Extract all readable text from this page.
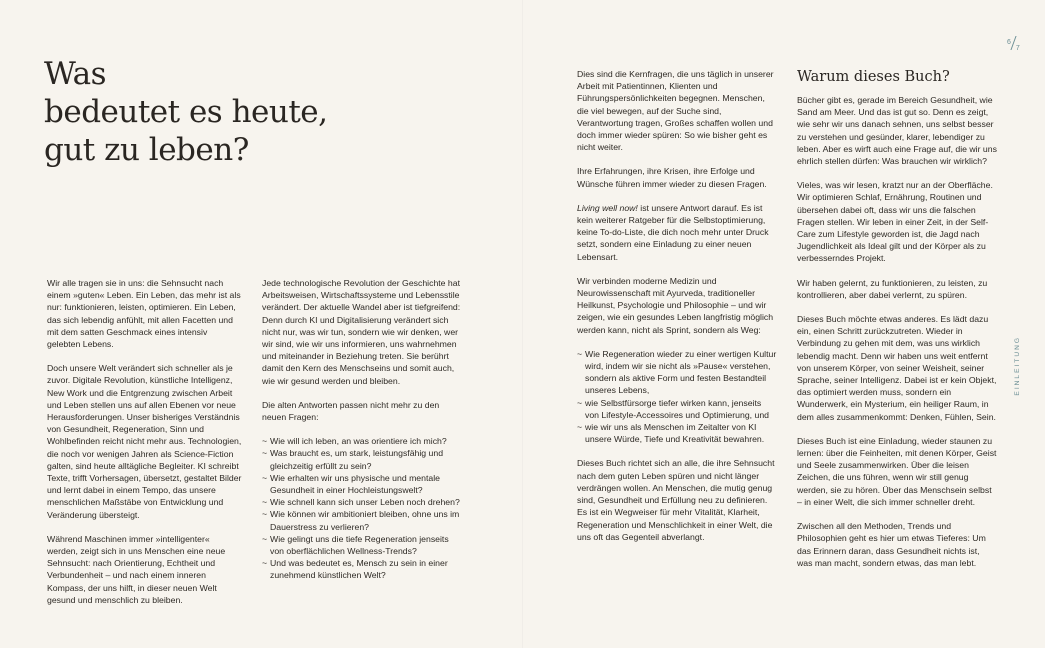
Was
bedeutet es heute,
gut zu leben?

Wir alle tragen sie in uns: die Sehnsucht nach einem »guten« Leben. Ein Leben, das mehr ist als nur: funktionieren, leisten, optimieren. Ein Leben, das sich lebendig anfühlt, mit allen Facetten und mit dem satten Geschmack eines intensiv gelebten Lebens.

Doch unsere Welt verändert sich schneller als je zuvor. Digitale Revolution, künstliche Intelligenz, New Work und die Entgrenzung zwischen Arbeit und Leben stellen uns auf allen Ebenen vor neue Herausforderungen. Unser bisheriges Verständnis von Gesundheit, Regeneration, Sinn und Wohlbefinden reicht nicht mehr aus. Technologien, die noch vor wenigen Jahren als Science-Fiction galten, sind heute alltägliche Begleiter. KI schreibt Texte, trifft Vorhersagen, übersetzt, gestaltet Bilder und lernt dabei in einem Tempo, das unsere menschlichen Maßstäbe von Entwicklung und Veränderung übersteigt.

Während Maschinen immer »intelligenter« werden, zeigt sich in uns Menschen eine neue Sehnsucht: nach Orientierung, Echtheit und Verbundenheit – und nach einem inneren Kompass, der uns hilft, in dieser neuen Welt gesund und menschlich zu bleiben.

Jede technologische Revolution der Geschichte hat Arbeitsweisen, Wirtschaftssysteme und Lebensstile verändert. Der aktuelle Wandel aber ist tiefgreifend: Denn durch KI und Digitalisierung verändert sich nicht nur, was wir tun, sondern wie wir denken, wer wir sind, wie wir uns informieren, uns wahrnehmen und miteinander in Beziehung treten. Sie berührt damit den Kern des Menschseins und somit auch, wie wir gesund werden und bleiben.

Die alten Antworten passen nicht mehr zu den neuen Fragen:

~ Wie will ich leben, an was orientiere ich mich?
~ Was braucht es, um stark, leistungsfähig und gleichzeitig erfüllt zu sein?
~ Wie erhalten wir uns physische und mentale Gesundheit in einer Hochleistungswelt?
~ Wie schnell kann sich unser Leben noch drehen?
~ Wie können wir ambitioniert bleiben, ohne uns im Dauerstress zu verlieren?
~ Wie gelingt uns die tiefe Regeneration jenseits von oberflächlichen Wellness-Trends?
~ Und was bedeutet es, Mensch zu sein in einer zunehmend künstlichen Welt?

Dies sind die Kernfragen, die uns täglich in unserer Arbeit mit Patientinnen, Klienten und Führungspersönlichkeiten begegnen. Menschen, die viel bewegen, auf der Suche sind, Verantwortung tragen, Großes schaffen wollen und doch immer wieder spüren: So wie bisher geht es nicht weiter.

Ihre Erfahrungen, ihre Krisen, ihre Erfolge und Wünsche führen immer wieder zu diesen Fragen.

Living well now! ist unsere Antwort darauf. Es ist kein weiterer Ratgeber für die Selbstoptimierung, keine To-do-Liste, die dich noch mehr unter Druck setzt, sondern eine Einladung zu einer neuen Lebensart.

Wir verbinden moderne Medizin und Neurowissenschaft mit Ayurveda, traditioneller Heilkunst, Psychologie und Philosophie – und wir zeigen, wie ein gesundes Leben langfristig möglich werden kann, nicht als Sprint, sondern als Weg:

~ Wie Regeneration wieder zu einer wertigen Kultur wird, indem wir sie nicht als »Pause« verstehen, sondern als aktive Form und festen Bestandteil unseres Lebens,
~ wie Selbstfürsorge tiefer wirken kann, jenseits von Lifestyle-Accessoires und Optimierung, und
~ wie wir uns als Menschen im Zeitalter von KI unsere Würde, Tiefe und Kreativität bewahren.

Dieses Buch richtet sich an alle, die ihre Sehnsucht nach dem guten Leben spüren und nicht länger verdrängen wollen. An Menschen, die mutig genug sind, Gesundheit und Erfüllung neu zu definieren. Es ist ein Wegweiser für mehr Vitalität, Klarheit, Regeneration und Menschlichkeit in einer Welt, die uns oft das Gegenteil abverlangt.

Warum dieses Buch?

Bücher gibt es, gerade im Bereich Gesundheit, wie Sand am Meer. Und das ist gut so. Denn es zeigt, wie sehr wir uns danach sehnen, uns selbst besser zu verstehen und gesünder, klarer, lebendiger zu leben. Aber es wirft auch eine Frage auf, die wir uns ehrlich stellen dürfen: Was brauchen wir wirklich?

Vieles, was wir lesen, kratzt nur an der Oberfläche. Wir optimieren Schlaf, Ernährung, Routinen und übersehen dabei oft, dass wir uns die falschen Fragen stellen. Wir leben in einer Zeit, in der Self-Care zum Lifestyle geworden ist, die Jagd nach Jugendlichkeit als Ideal gilt und der Körper als zu verbesserndes Projekt.

Wir haben gelernt, zu funktionieren, zu leisten, zu kontrollieren, aber dabei verlernt, zu spüren.

Dieses Buch möchte etwas anderes. Es lädt dazu ein, einen Schritt zurückzutreten. Wieder in Verbindung zu gehen mit dem, was uns wirklich lebendig macht. Denn wir haben uns weit entfernt von unserem Körper, von seiner Weisheit, seiner Sprache, seiner Intelligenz. Dabei ist er kein Objekt, das optimiert werden muss, sondern ein Wunderwerk, ein Mysterium, ein heiliger Raum, in dem alles zusammenkommt: Denken, Fühlen, Sein.

Dieses Buch ist eine Einladung, wieder staunen zu lernen: über die Feinheiten, mit denen Körper, Geist und Seele zusammenwirken. Über die leisen Zeichen, die uns führen, wenn wir still genug werden, sie zu hören. Über das Menschsein selbst – in einer Welt, die sich immer schneller dreht.

Zwischen all den Methoden, Trends und Philosophien geht es hier um etwas Tieferes: Um das Erinnern daran, dass Gesundheit nichts ist, was man macht, sondern etwas, das man lebt.

67
EINLEITUNG
